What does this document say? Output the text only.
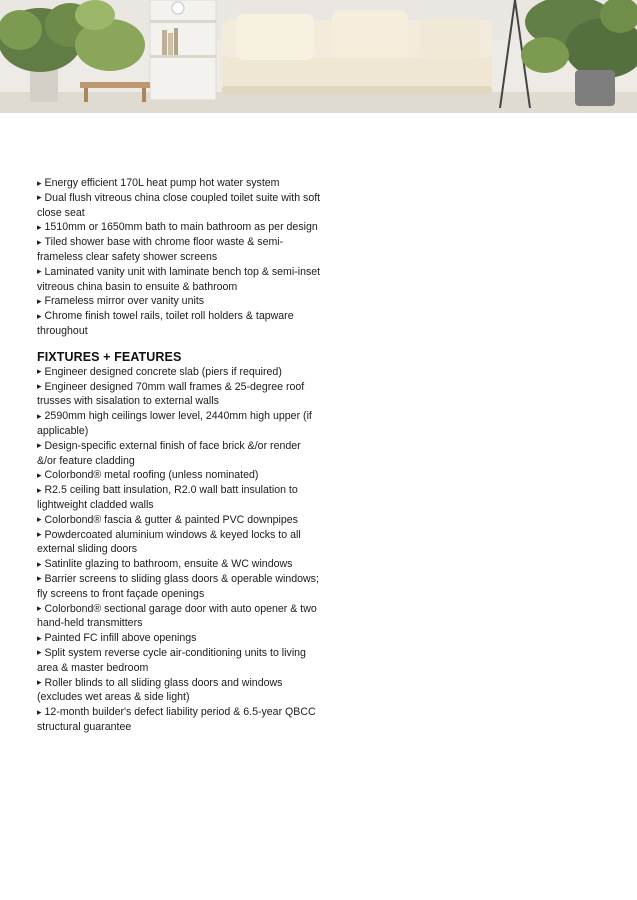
▸ Energy efficient 170L heat pump hot water system
▸ Dual flush vitreous china close coupled toilet suite with soft close seat
▸ 1510mm or 1650mm bath to main bathroom as per design
▸ Tiled shower base with chrome floor waste & semi-frameless clear safety shower screens
▸ Laminated vanity unit with laminate bench top & semi-inset vitreous china basin to ensuite & bathroom
▸ Frameless mirror over vanity units
▸ Chrome finish towel rails, toilet roll holders & tapware throughout
FIXTURES + FEATURES
▸ Engineer designed concrete slab (piers if required)
▸ Engineer designed 70mm wall frames & 25-degree roof trusses with sisalation to external walls
▸ 2590mm high ceilings lower level, 2440mm high upper (if applicable)
▸ Design-specific external finish of face brick &/or render &/or feature cladding
▸ Colorbond® metal roofing (unless nominated)
▸ R2.5 ceiling batt insulation, R2.0 wall batt insulation to lightweight cladded walls
▸ Colorbond® fascia & gutter & painted PVC downpipes
▸ Powdercoated aluminium windows & keyed locks to all external sliding doors
▸ Satinlite glazing to bathroom, ensuite & WC windows
▸ Barrier screens to sliding glass doors & operable windows; fly screens to front façade openings
▸ Colorbond® sectional garage door with auto opener & two hand-held transmitters
▸ Painted FC infill above openings
▸ Split system reverse cycle air-conditioning units to living area & master bedroom
▸ Roller blinds to all sliding glass doors and windows (excludes wet areas & side light)
▸ 12-month builder's defect liability period & 6.5-year QBCC structural guarantee
